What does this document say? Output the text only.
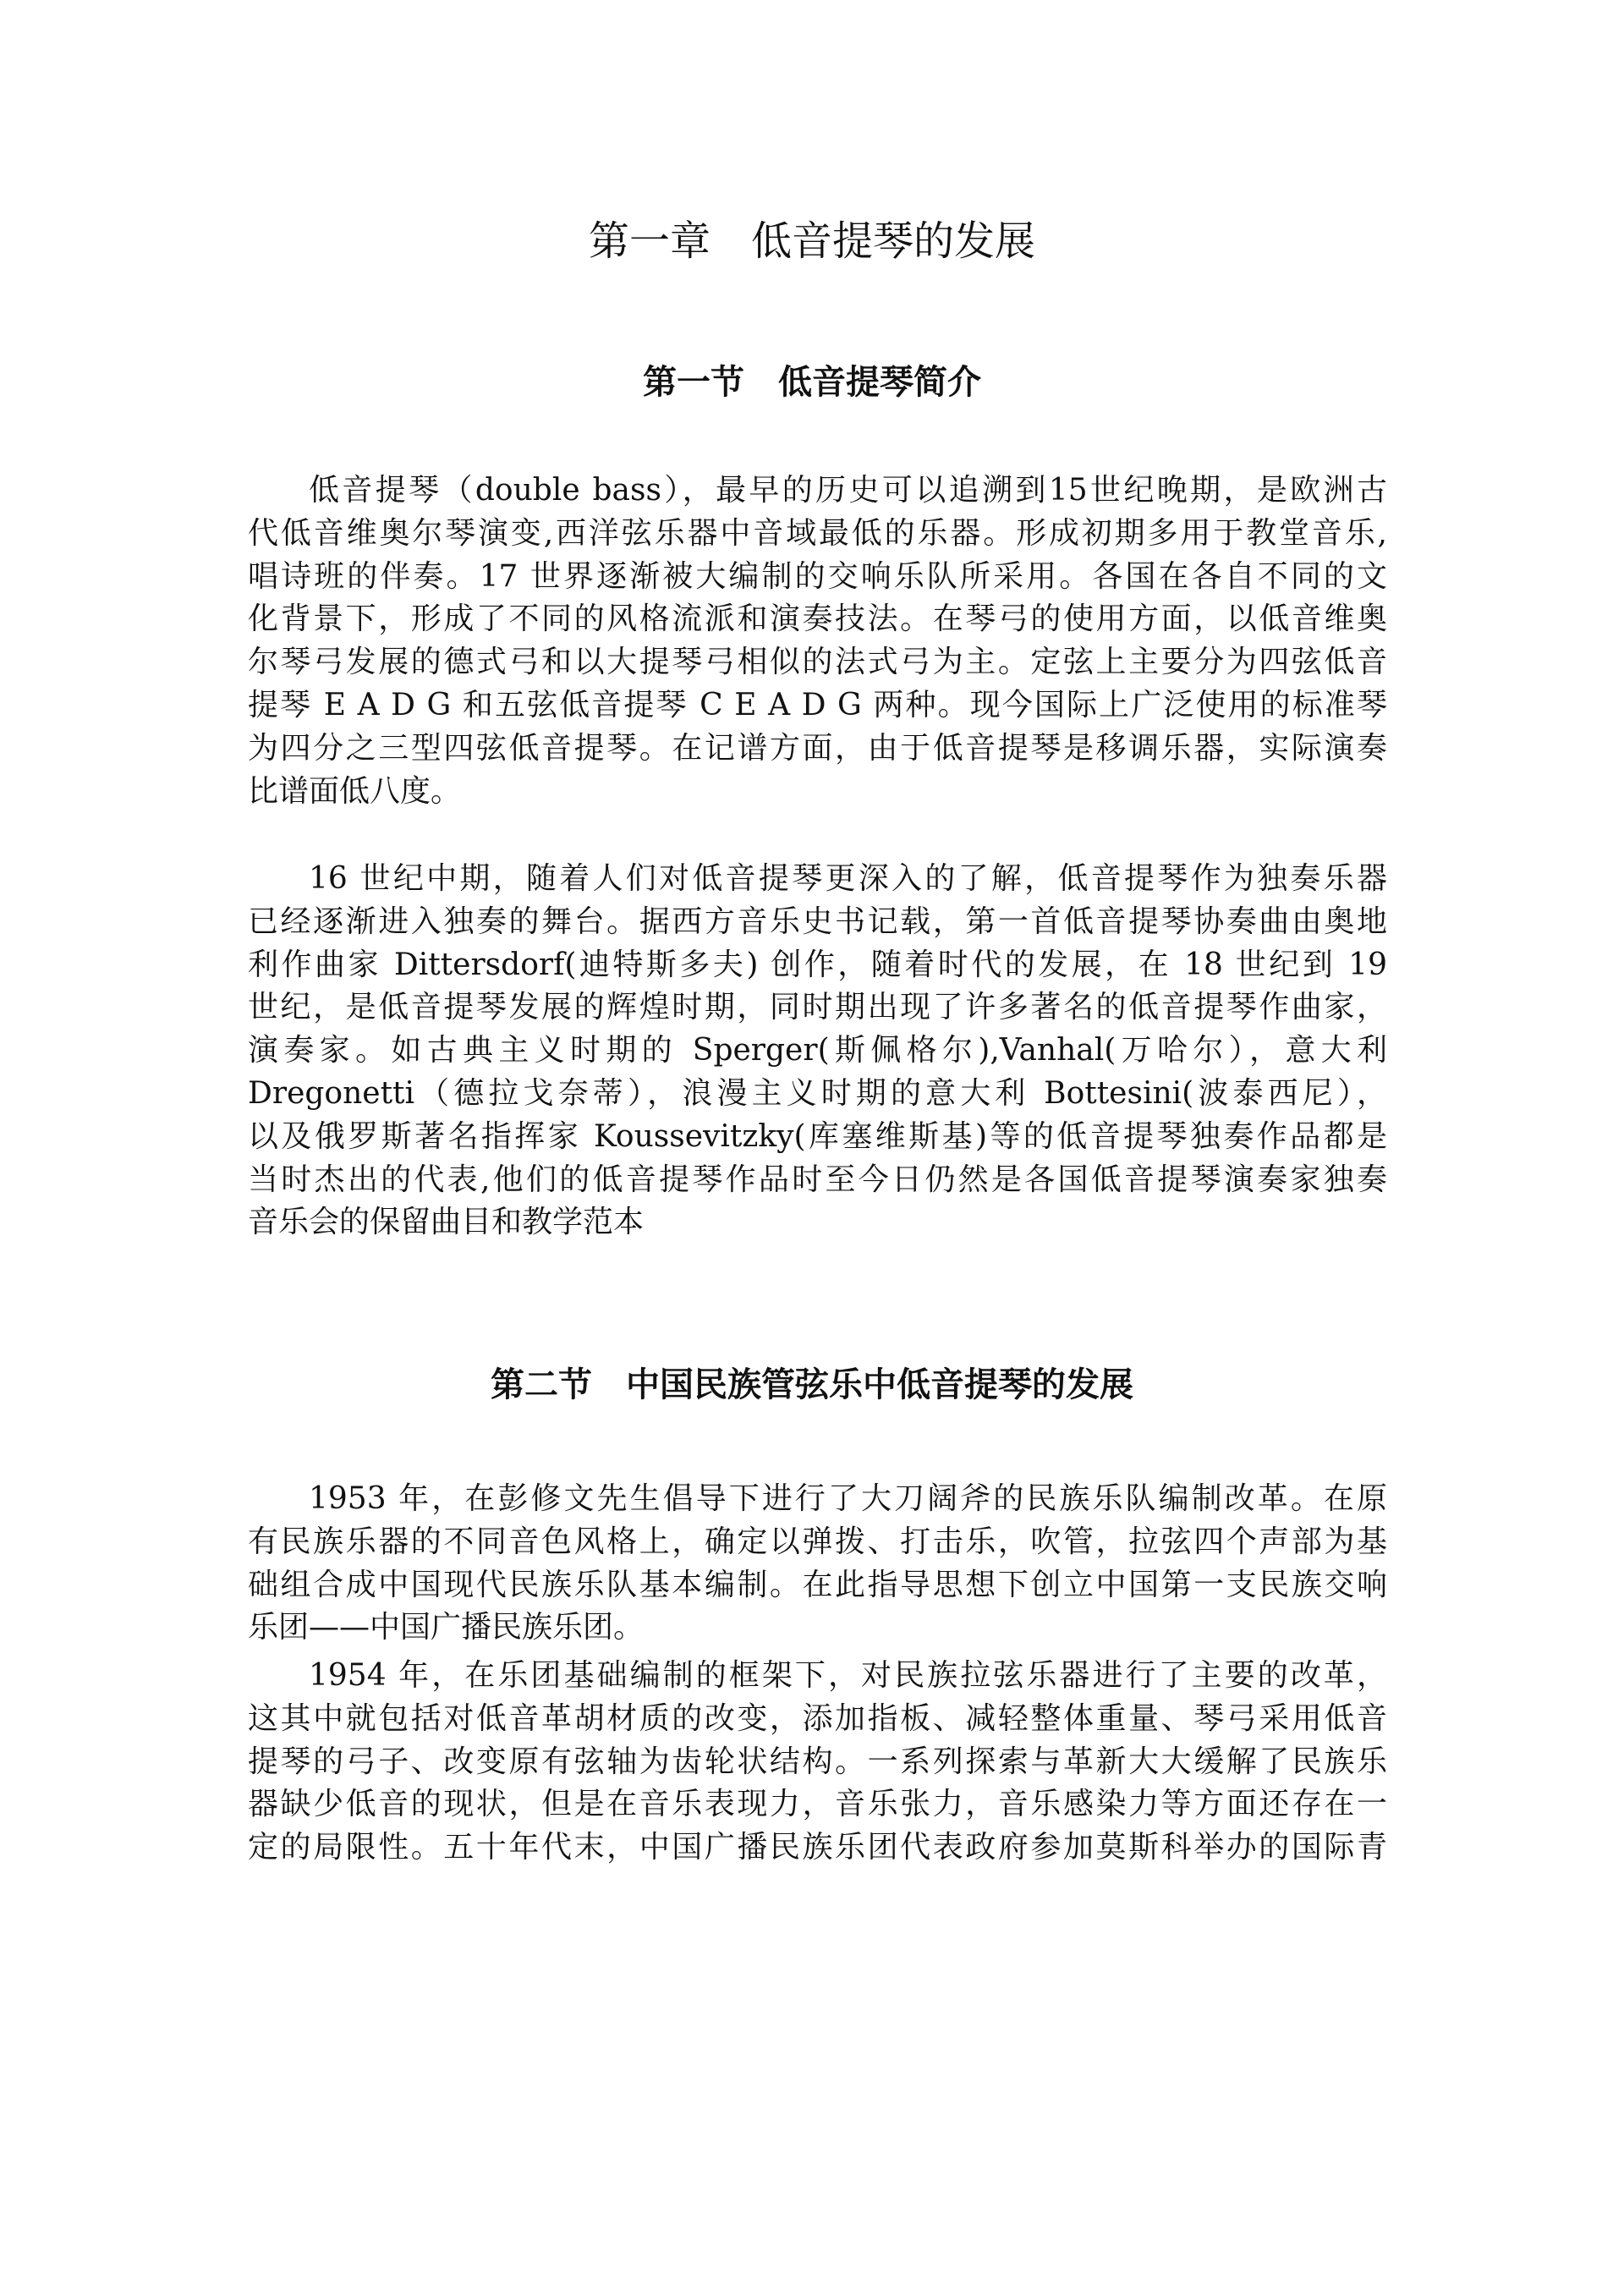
第一章　低音提琴的发展
第一节　低音提琴简介
低音提琴（double bass），最早的历史可以追溯到15世纪晚期，是欧洲古
代低音维奥尔琴演变,西洋弦乐器中音域最低的乐器。形成初期多用于教堂音乐,
唱诗班的伴奏。17 世界逐渐被大编制的交响乐队所采用。各国在各自不同的文
化背景下，形成了不同的风格流派和演奏技法。在琴弓的使用方面，以低音维奥
尔琴弓发展的德式弓和以大提琴弓相似的法式弓为主。定弦上主要分为四弦低音
提琴 E A D G 和五弦低音提琴 C E A D G 两种。现今国际上广泛使用的标准琴
为四分之三型四弦低音提琴。在记谱方面，由于低音提琴是移调乐器，实际演奏
比谱面低八度。
16 世纪中期，随着人们对低音提琴更深入的了解，低音提琴作为独奏乐器
已经逐渐进入独奏的舞台。据西方音乐史书记载，第一首低音提琴协奏曲由奥地
利作曲家 Dittersdorf(迪特斯多夫) 创作，随着时代的发展，在 18 世纪到 19
世纪，是低音提琴发展的辉煌时期，同时期出现了许多著名的低音提琴作曲家，
演奏家。如古典主义时期的 Sperger(斯佩格尔),Vanhal(万哈尔），意大利
Dregonetti（德拉戈奈蒂），浪漫主义时期的意大利 Bottesini(波泰西尼），
以及俄罗斯著名指挥家 Koussevitzky(库塞维斯基)等的低音提琴独奏作品都是
当时杰出的代表,他们的低音提琴作品时至今日仍然是各国低音提琴演奏家独奏
音乐会的保留曲目和教学范本
第二节　中国民族管弦乐中低音提琴的发展
1953 年，在彭修文先生倡导下进行了大刀阔斧的民族乐队编制改革。在原
有民族乐器的不同音色风格上，确定以弹拨、打击乐，吹管，拉弦四个声部为基
础组合成中国现代民族乐队基本编制。在此指导思想下创立中国第一支民族交响
乐团——中国广播民族乐团。
1954 年，在乐团基础编制的框架下，对民族拉弦乐器进行了主要的改革，
这其中就包括对低音革胡材质的改变，添加指板、减轻整体重量、琴弓采用低音
提琴的弓子、改变原有弦轴为齿轮状结构。一系列探索与革新大大缓解了民族乐
器缺少低音的现状，但是在音乐表现力，音乐张力，音乐感染力等方面还存在一
定的局限性。五十年代末，中国广播民族乐团代表政府参加莫斯科举办的国际青
